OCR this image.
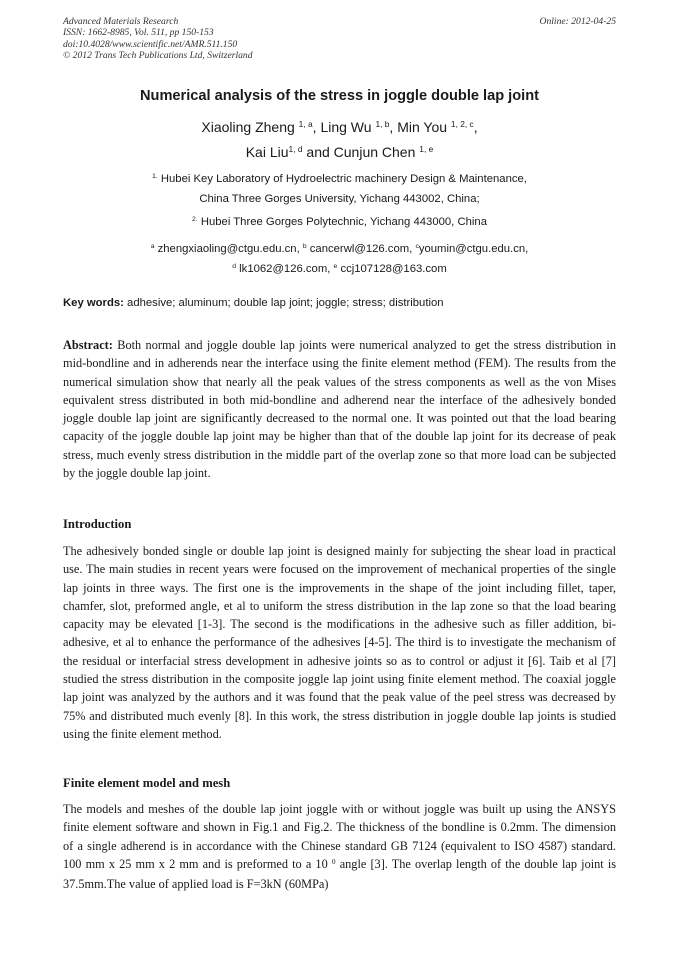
Advanced Materials Research
ISSN: 1662-8985, Vol. 511, pp 150-153
doi:10.4028/www.scientific.net/AMR.511.150
© 2012 Trans Tech Publications Ltd, Switzerland
Online: 2012-04-25
Numerical analysis of the stress in joggle double lap joint
Xiaoling Zheng $^{1, a}$, Ling Wu $^{1, b}$, Min You $^{1, 2, c}$,
Kai Liu$^{1, d}$ and Cunjun Chen $^{1, e}$
$^{1.}$ Hubei Key Laboratory of Hydroelectric machinery Design & Maintenance,
China Three Gorges University, Yichang 443002, China;
$^{2.}$ Hubei Three Gorges Polytechnic, Yichang 443000, China
$^a$ zhengxiaoling@ctgu.edu.cn, $^b$ cancerwl@126.com, $^c$youmin@ctgu.edu.cn,
$^d$ lk1062@126.com, $^e$ ccj107128@163.com
Key words: adhesive; aluminum; double lap joint; joggle; stress; distribution
Abstract: Both normal and joggle double lap joints were numerical analyzed to get the stress distribution in mid-bondline and in adherends near the interface using the finite element method (FEM). The results from the numerical simulation show that nearly all the peak values of the stress components as well as the von Mises equivalent stress distributed in both mid-bondline and adherend near the interface of the adhesively bonded joggle double lap joint are significantly decreased to the normal one. It was pointed out that the load bearing capacity of the joggle double lap joint may be higher than that of the double lap joint for its decrease of peak stress, much evenly stress distribution in the middle part of the overlap zone so that more load can be subjected by the joggle double lap joint.
Introduction
The adhesively bonded single or double lap joint is designed mainly for subjecting the shear load in practical use. The main studies in recent years were focused on the improvement of mechanical properties of the single lap joints in three ways. The first one is the improvements in the shape of the joint including fillet, taper, chamfer, slot, preformed angle, et al to uniform the stress distribution in the lap zone so that the load bearing capacity may be elevated [1-3]. The second is the modifications in the adhesive such as filler addition, bi-adhesive, et al to enhance the performance of the adhesives [4-5]. The third is to investigate the mechanism of the residual or interfacial stress development in adhesive joints so as to control or adjust it [6]. Taib et al [7] studied the stress distribution in the composite joggle lap joint using finite element method. The coaxial joggle lap joint was analyzed by the authors and it was found that the peak value of the peel stress was decreased by 75% and distributed much evenly [8]. In this work, the stress distribution in joggle double lap joints is studied using the finite element method.
Finite element model and mesh
The models and meshes of the double lap joint joggle with or without joggle was built up using the ANSYS finite element software and shown in Fig.1 and Fig.2. The thickness of the bondline is 0.2mm. The dimension of a single adherend is in accordance with the Chinese standard GB 7124 (equivalent to ISO 4587) standard. 100 mm x 25 mm x 2 mm and is preformed to a 10 $^0$ angle [3]. The overlap length of the double lap joint is 37.5mm.The value of applied load is F=3kN (60MPa)
